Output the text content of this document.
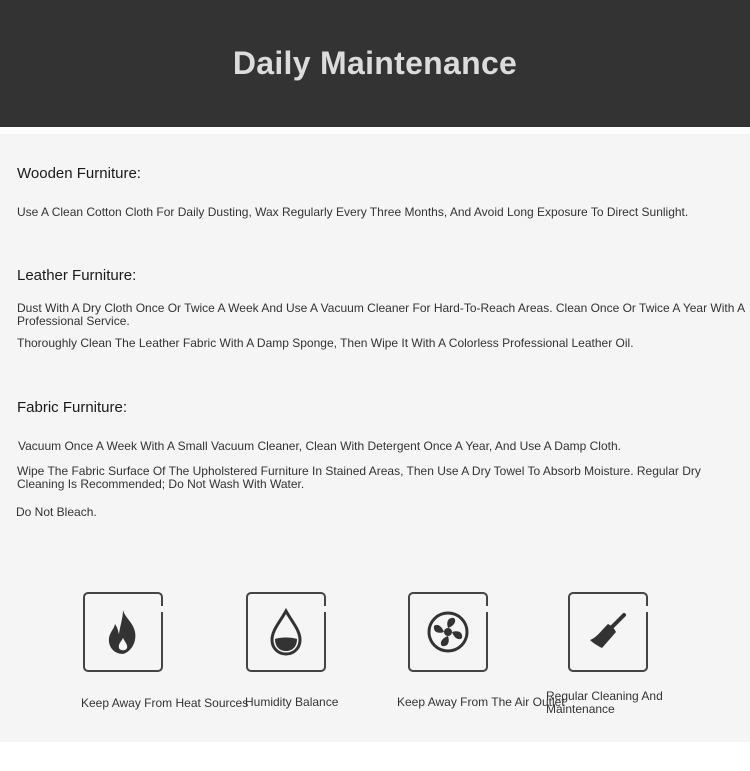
Daily Maintenance
Wooden Furniture:

Use A Clean Cotton Cloth For Daily Dusting, Wax Regularly Every Three Months, And Avoid Long Exposure To Direct Sunlight.

Leather Furniture:

Dust With A Dry Cloth Once Or Twice A Week And Use A Vacuum Cleaner For Hard-To-Reach Areas. Clean Once Or Twice A Year With A Professional Service.

Thoroughly Clean The Leather Fabric With A Damp Sponge, Then Wipe It With A Colorless Professional Leather Oil.

Fabric Furniture:

Vacuum Once A Week With A Small Vacuum Cleaner, Clean With Detergent Once A Year, And Use A Damp Cloth.

Wipe The Fabric Surface Of The Upholstered Furniture In Stained Areas, Then Use A Dry Towel To Absorb Moisture. Regular Dry Cleaning Is Recommended; Do Not Wash With Water.

Do Not Bleach.

Keep Away From Heat Sources

Humidity Balance	Keep Away From The Air Outlet

Regular Cleaning And Maintenance
